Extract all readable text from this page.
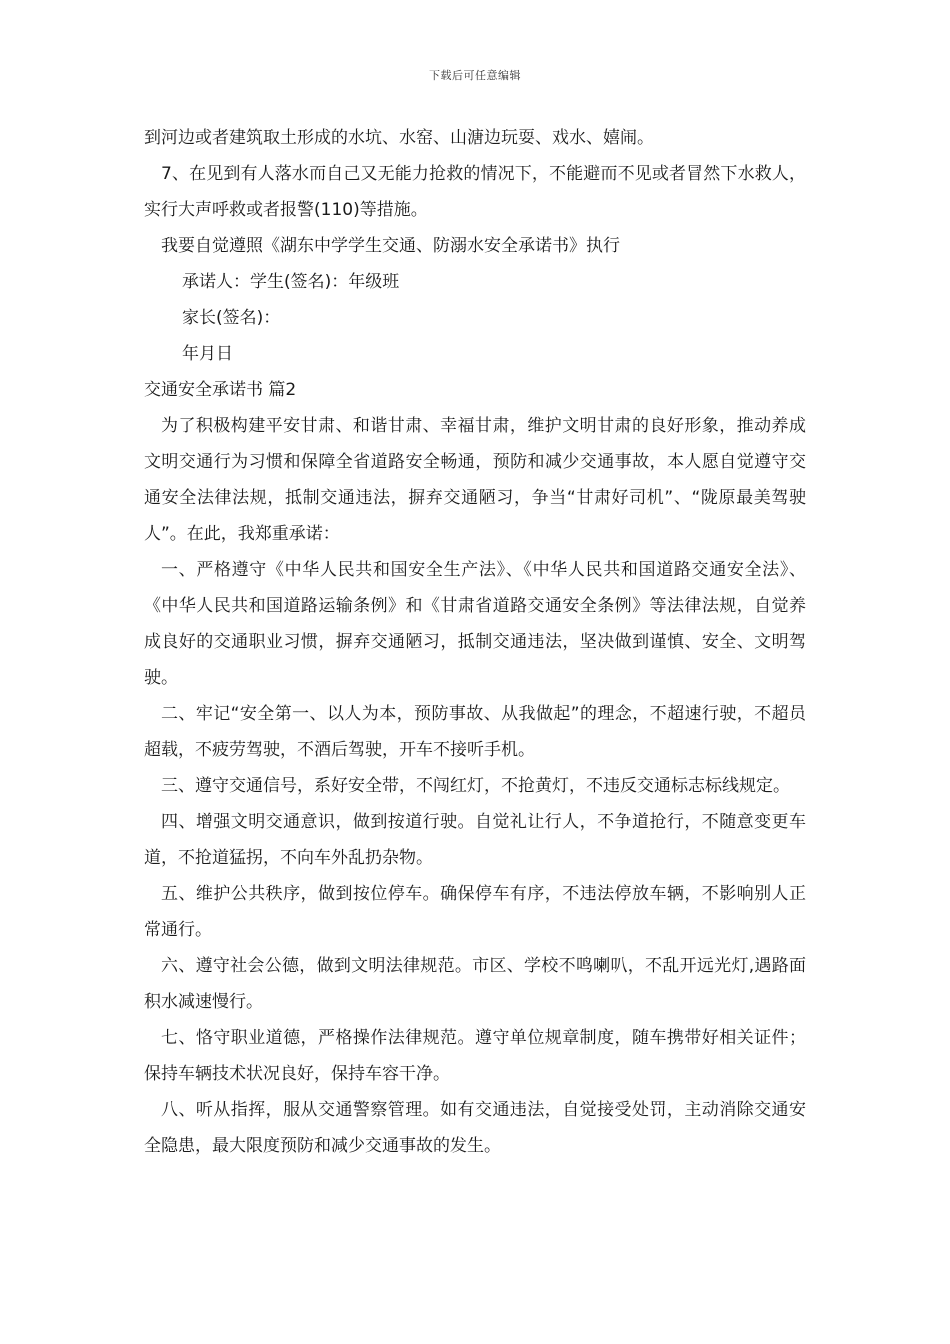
下载后可任意编辑

到河边或者建筑取土形成的水坑、水窑、山溏边玩耍、戏水、嬉闹。

7、在见到有人落水而自己又无能力抢救的情况下，不能避而不见或者冒然下水救人，实行大声呼救或者报警(110)等措施。

我要自觉遵照《湖东中学学生交通、防溺水安全承诺书》执行

承诺人：学生(签名)：年级班

家长(签名)：

年月日

交通安全承诺书 篇2

为了积极构建平安甘肃、和谐甘肃、幸福甘肃，维护文明甘肃的良好形象，推动养成文明交通行为习惯和保障全省道路安全畅通，预防和减少交通事故，本人愿自觉遵守交通安全法律法规，抵制交通违法，摒弃交通陋习，争当“甘肃好司机”、“陇原最美驾驶人”。在此，我郑重承诺：

一、严格遵守《中华人民共和国安全生产法》、《中华人民共和国道路交通安全法》、《中华人民共和国道路运输条例》和《甘肃省道路交通安全条例》等法律法规，自觉养成良好的交通职业习惯，摒弃交通陋习，抵制交通违法，坚决做到谨慎、安全、文明驾驶。

二、牢记“安全第一、以人为本，预防事故、从我做起”的理念，不超速行驶，不超员超载，不疲劳驾驶，不酒后驾驶，开车不接听手机。

三、遵守交通信号，系好安全带，不闯红灯，不抢黄灯，不违反交通标志标线规定。

四、增强文明交通意识，做到按道行驶。自觉礼让行人，不争道抢行，不随意变更车道，不抢道猛拐，不向车外乱扔杂物。

五、维护公共秩序，做到按位停车。确保停车有序，不违法停放车辆，不影响别人正常通行。

六、遵守社会公德，做到文明法律规范。市区、学校不鸣喇叭，不乱开远光灯,遇路面积水减速慢行。

七、恪守职业道德，严格操作法律规范。遵守单位规章制度，随车携带好相关证件；保持车辆技术状况良好，保持车容干净。

八、听从指挥，服从交通警察管理。如有交通违法，自觉接受处罚，主动消除交通安全隐患，最大限度预防和减少交通事故的发生。
